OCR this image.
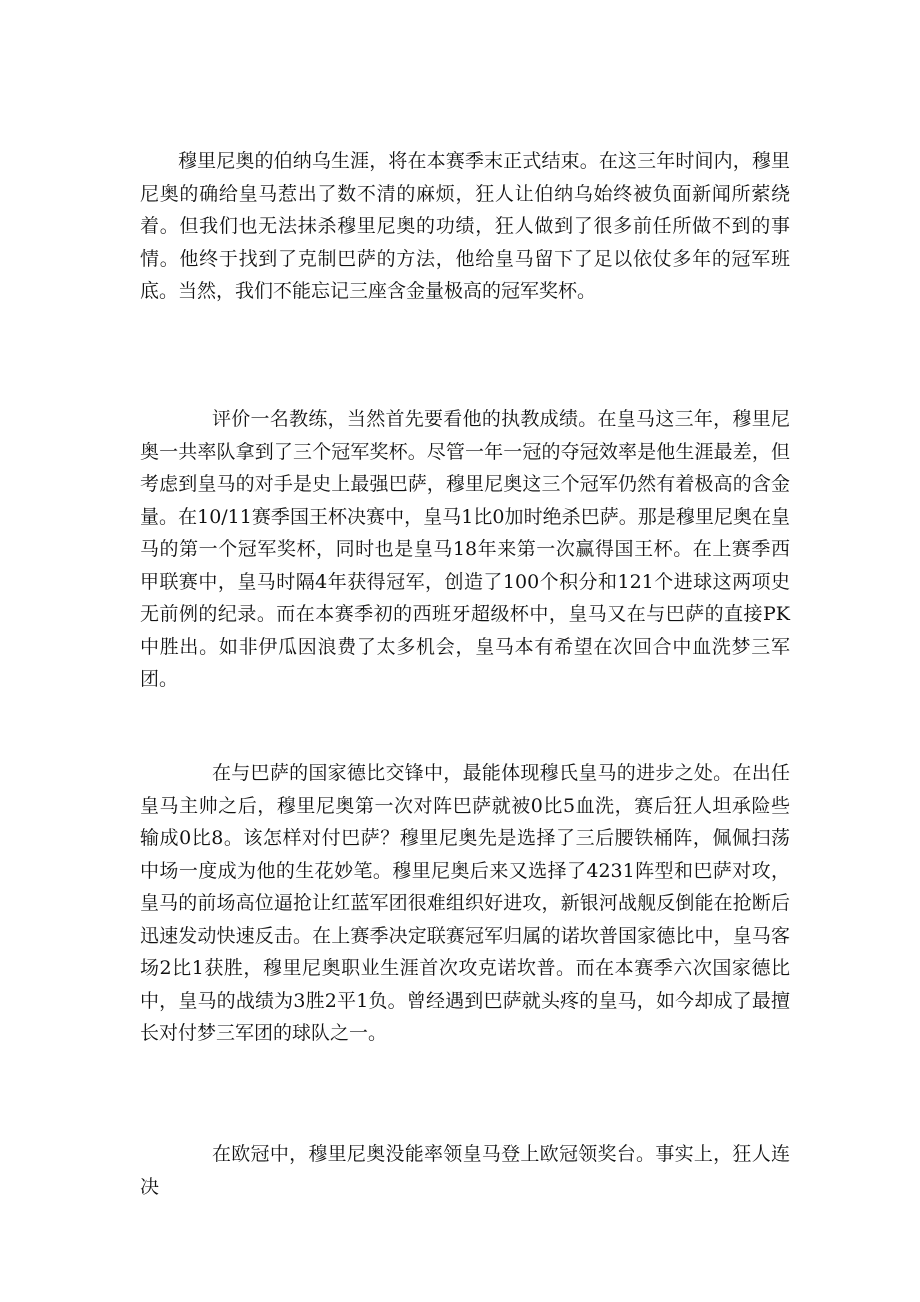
穆里尼奥的伯纳乌生涯，将在本赛季末正式结束。在这三年时间内，穆里尼奥的确给皇马惹出了数不清的麻烦，狂人让伯纳乌始终被负面新闻所萦绕着。但我们也无法抹杀穆里尼奥的功绩，狂人做到了很多前任所做不到的事情。他终于找到了克制巴萨的方法，他给皇马留下了足以依仗多年的冠军班底。当然，我们不能忘记三座含金量极高的冠军奖杯。

评价一名教练，当然首先要看他的执教成绩。在皇马这三年，穆里尼奥一共率队拿到了三个冠军奖杯。尽管一年一冠的夺冠效率是他生涯最差，但考虑到皇马的对手是史上最强巴萨，穆里尼奥这三个冠军仍然有着极高的含金量。在10/11赛季国王杯决赛中，皇马1比0加时绝杀巴萨。那是穆里尼奥在皇马的第一个冠军奖杯，同时也是皇马18年来第一次赢得国王杯。在上赛季西甲联赛中，皇马时隔4年获得冠军，创造了100个积分和121个进球这两项史无前例的纪录。而在本赛季初的西班牙超级杯中，皇马又在与巴萨的直接PK中胜出。如非伊瓜因浪费了太多机会，皇马本有希望在次回合中血洗梦三军团。

在与巴萨的国家德比交锋中，最能体现穆氏皇马的进步之处。在出任皇马主帅之后，穆里尼奥第一次对阵巴萨就被0比5血洗，赛后狂人坦承险些输成0比8。该怎样对付巴萨？穆里尼奥先是选择了三后腰铁桶阵，佩佩扫荡中场一度成为他的生花妙笔。穆里尼奥后来又选择了4231阵型和巴萨对攻，皇马的前场高位逼抢让红蓝军团很难组织好进攻，新银河战舰反倒能在抢断后迅速发动快速反击。在上赛季决定联赛冠军归属的诺坎普国家德比中，皇马客场2比1获胜，穆里尼奥职业生涯首次攻克诺坎普。而在本赛季六次国家德比中，皇马的战绩为3胜2平1负。曾经遇到巴萨就头疼的皇马，如今却成了最擅长对付梦三军团的球队之一。

在欧冠中，穆里尼奥没能率领皇马登上欧冠领奖台。事实上，狂人连决
